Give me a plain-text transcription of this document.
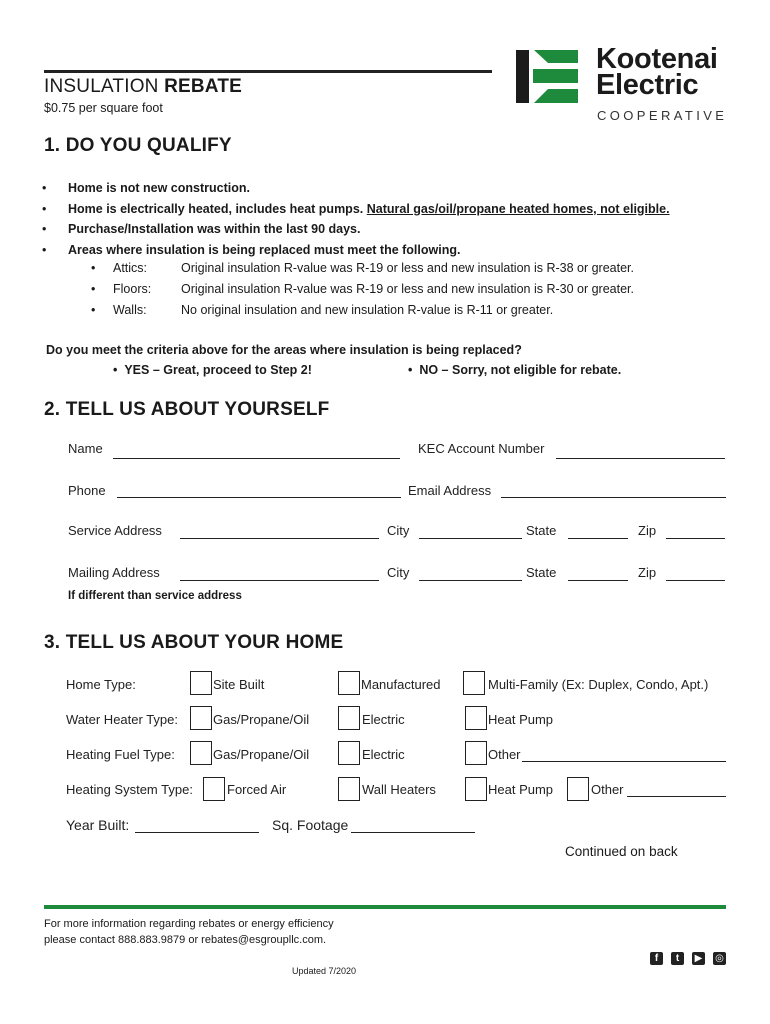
INSULATION REBATE
$0.75 per square foot
Kootenai
Electric
COOPERATIVE
1. DO YOU QUALIFY
• Home is not new construction.
• Home is electrically heated, includes heat pumps. Natural gas/oil/propane heated homes, not eligible.
• Purchase/Installation was within the last 90 days.
• Areas where insulation is being replaced must meet the following.
• Attics:	Original insulation R-value was R-19 or less and new insulation is R-38 or greater.
• Floors: Original insulation R-value was R-19 or less and new insulation is R-30 or greater.
• Walls:	No original insulation and new insulation R-value is R-11 or greater.
Do you meet the criteria above for the areas where insulation is being replaced?
•  YES – Great, proceed to Step 2!	•  NO – Sorry, not eligible for rebate.
2. TELL US ABOUT YOURSELF
Name	KEC Account Number
Phone	Email Address
Service Address	City	State	Zip
Mailing Address	City	State	Zip
If different than service address
3. TELL US ABOUT YOUR HOME
Home Type:	Site Built	Manufactured	Multi-Family (Ex: Duplex, Condo, Apt.)
Water Heater Type:	Gas/Propane/Oil	Electric	Heat Pump
Heating Fuel Type:	Gas/Propane/Oil	Electric	Other
Heating System Type:	Forced Air	Wall Heaters	Heat Pump	Other
Year Built:	Sq. Footage
Continued on back
For more information regarding rebates or energy efficiency
please contact 888.883.9879 or rebates@esgroupllc.com.
Updated 7/2020
f	t	▶ ◎
